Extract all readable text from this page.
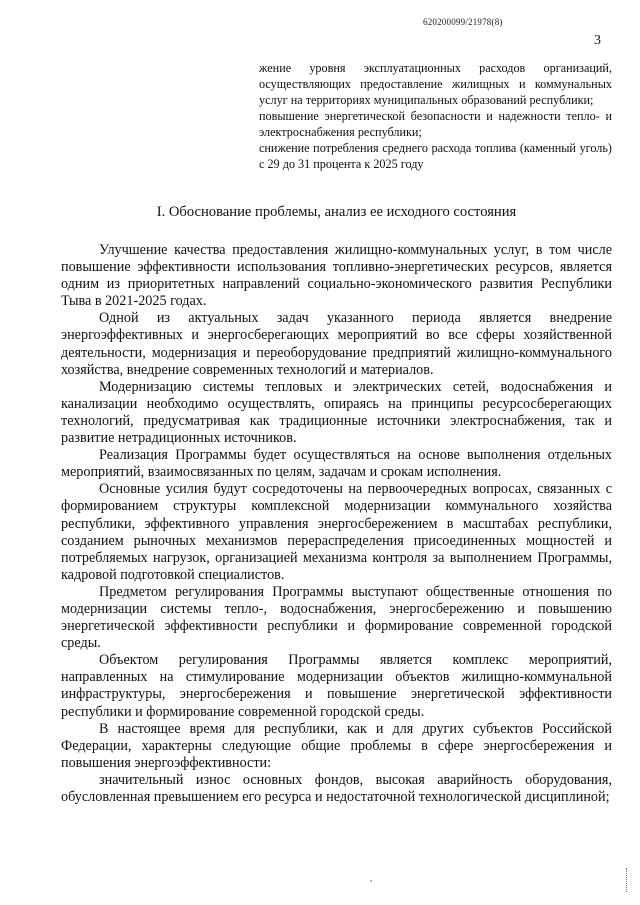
620200099/21978(8)
3

жение уровня эксплуатационных расходов организаций, осуществляющих предоставление жилищных и коммунальных услуг на территориях муниципальных образований республики;

повышение энергетической безопасности и надежности тепло- и электроснабжения республики;

снижение потребления среднего расхода топлива (каменный уголь) с 29 до 31 процента к 2025 году

I. Обоснование проблемы, анализ ее исходного состояния

Улучшение качества предоставления жилищно-коммунальных услуг, в том числе повышение эффективности использования топливно-энергетических ресурсов, является одним из приоритетных направлений социально-экономического развития Республики Тыва в 2021-2025 годах.

Одной из актуальных задач указанного периода является внедрение энергоэффективных и энергосберегающих мероприятий во все сферы хозяйственной деятельности, модернизация и переоборудование предприятий жилищно-коммунального хозяйства, внедрение современных технологий и материалов.

Модернизацию системы тепловых и электрических сетей, водоснабжения и канализации необходимо осуществлять, опираясь на принципы ресурсосберегающих технологий, предусматривая как традиционные источники электроснабжения, так и развитие нетрадиционных источников.

Реализация Программы будет осуществляться на основе выполнения отдельных мероприятий, взаимосвязанных по целям, задачам и срокам исполнения.

Основные усилия будут сосредоточены на первоочередных вопросах, связанных с формированием структуры комплексной модернизации коммунального хозяйства республики, эффективного управления энергосбережением в масштабах республики, созданием рыночных механизмов перераспределения присоединенных мощностей и потребляемых нагрузок, организацией механизма контроля за выполнением Программы, кадровой подготовкой специалистов.

Предметом регулирования Программы выступают общественные отношения по модернизации системы тепло-, водоснабжения, энергосбережению и повышению энергетической эффективности республики и формирование современной городской среды.

Объектом регулирования Программы является комплекс мероприятий, направленных на стимулирование модернизации объектов жилищно-коммунальной инфраструктуры, энергосбережения и повышение энергетической эффективности республики и формирование современной городской среды.

В настоящее время для республики, как и для других субъектов Российской Федерации, характерны следующие общие проблемы в сфере энергосбережения и повышения энергоэффективности:

значительный износ основных фондов, высокая аварийность оборудования, обусловленная превышением его ресурса и недостаточной технологической дисциплиной;
